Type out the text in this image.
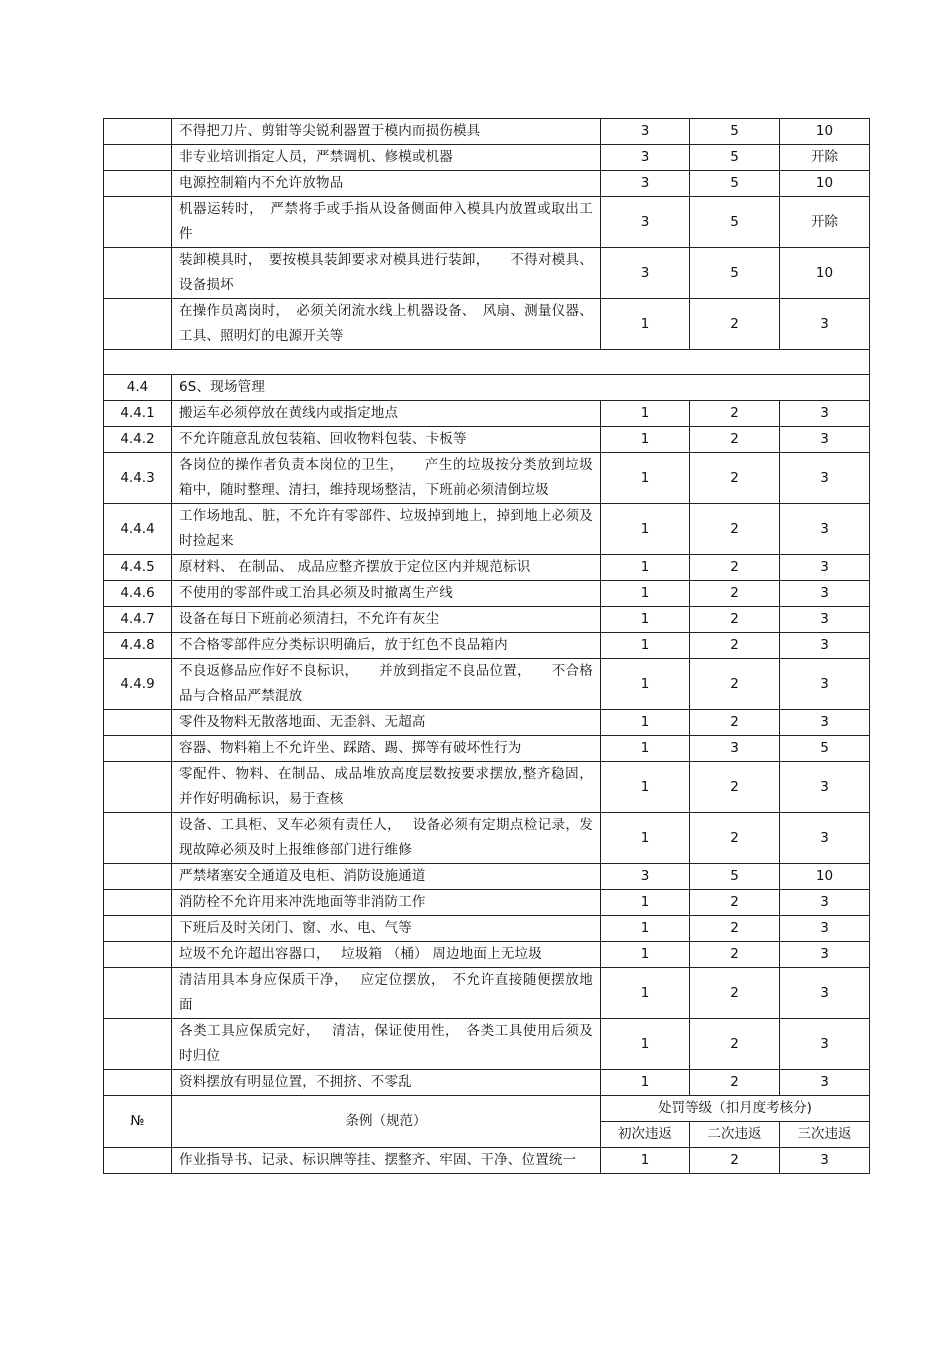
	不得把刀片、剪钳等尖锐利器置于模内而损伤模具	3	5	10
	非专业培训指定人员，严禁调机、修模或机器	3	5	开除
	电源控制箱内不允许放物品	3	5	10
	机器运转时，　严禁将手或手指从设备侧面伸入模具内放置或取出工件	3	5	开除
	装卸模具时，　要按模具装卸要求对模具进行装卸，　　不得对模具、设备损坏	3	5	10
	在操作员离岗时，　必须关闭流水线上机器设备、　风扇、测量仪器、工具、照明灯的电源开关等	1	2	3

4.4	6S、现场管理			
4.4.1	搬运车必须停放在黄线内或指定地点	1	2	3
4.4.2	不允许随意乱放包装箱、回收物料包装、卡板等	1	2	3
4.4.3	各岗位的操作者负责本岗位的卫生，　　产生的垃圾按分类放到垃圾箱中，随时整理、清扫，维持现场整洁，下班前必须清倒垃圾	1	2	3
4.4.4	工作场地乱、脏，不允许有零部件、垃圾掉到地上，掉到地上必须及时捡起来	1	2	3
4.4.5	原材料、 在制品、 成品应整齐摆放于定位区内并规范标识	1	2	3
4.4.6	不使用的零部件或工治具必须及时撤离生产线	1	2	3
4.4.7	设备在每日下班前必须清扫，不允许有灰尘	1	2	3
4.4.8	不合格零部件应分类标识明确后，放于红色不良品箱内	1	2	3
4.4.9	不良返修品应作好不良标识，　　并放到指定不良品位置，　　不合格品与合格品严禁混放	1	2	3
	零件及物料无散落地面、无歪斜、无超高	1	2	3
	容器、物料箱上不允许坐、踩踏、踢、掷等有破坏性行为	1	3	5
	零配件、物料、在制品、成品堆放高度层数按要求摆放,整齐稳固，并作好明确标识，易于查核	1	2	3
	设备、工具柜、叉车必须有责任人，　 设备必须有定期点检记录，发现故障必须及时上报维修部门进行维修	1	2	3
	严禁堵塞安全通道及电柜、消防设施通道	3	5	10
	消防栓不允许用来冲洗地面等非消防工作	1	2	3
	下班后及时关闭门、窗、水、电、气等	1	2	3
	垃圾不允许超出容器口，　 垃圾箱 （桶） 周边地面上无垃圾	1	2	3
	清洁用具本身应保质干净，　 应定位摆放，　不允许直接随便摆放地面	1	2	3
	各类工具应保质完好，　 清洁，保证使用性，　各类工具使用后须及时归位	1	2	3
	资料摆放有明显位置，不拥挤、不零乱	1	2	3
№	条例（规范）	处罚等级（扣月度考核分)		
		初次违返	二次违返	三次违返
	作业指导书、记录、标识牌等挂、摆整齐、牢固、干净、位置统一	1	2	3
